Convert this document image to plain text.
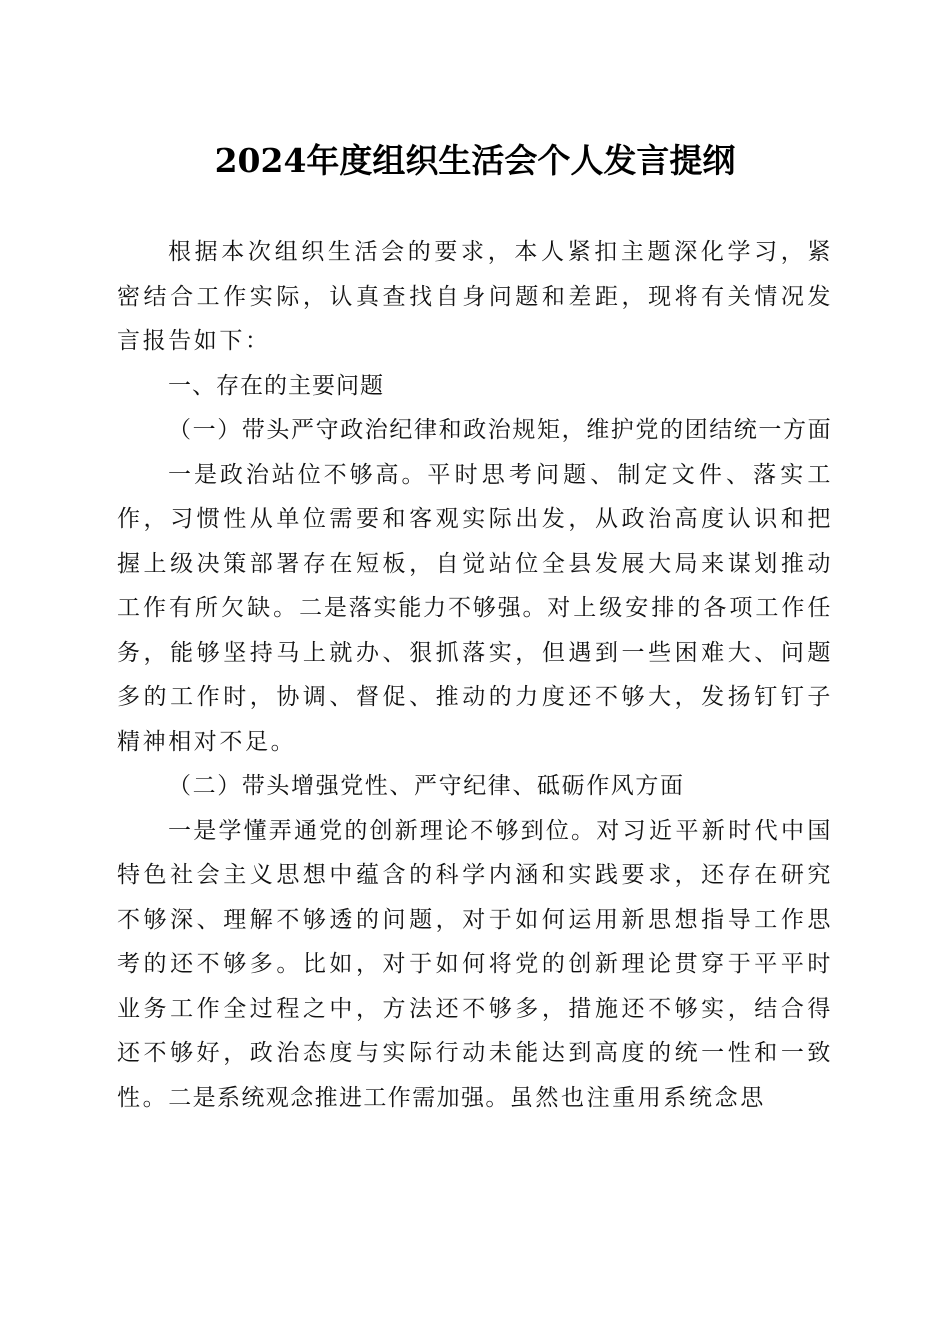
2024年度组织生活会个人发言提纲

根据本次组织生活会的要求，本人紧扣主题深化学习，紧密结合工作实际，认真查找自身问题和差距，现将有关情况发言报告如下：

一、存在的主要问题

（一）带头严守政治纪律和政治规矩，维护党的团结统一方面

一是政治站位不够高。平时思考问题、制定文件、落实工作，习惯性从单位需要和客观实际出发，从政治高度认识和把握上级决策部署存在短板，自觉站位全县发展大局来谋划推动工作有所欠缺。二是落实能力不够强。对上级安排的各项工作任务，能够坚持马上就办、狠抓落实，但遇到一些困难大、问题多的工作时，协调、督促、推动的力度还不够大，发扬钉钉子精神相对不足。

（二）带头增强党性、严守纪律、砥砺作风方面

一是学懂弄通党的创新理论不够到位。对习近平新时代中国特色社会主义思想中蕴含的科学内涵和实践要求，还存在研究不够深、理解不够透的问题，对于如何运用新思想指导工作思考的还不够多。比如，对于如何将党的创新理论贯穿于平平时业务工作全过程之中，方法还不够多，措施还不够实，结合得还不够好，政治态度与实际行动未能达到高度的统一性和一致性。二是系统观念推进工作需加强。虽然也注重用系统念思
